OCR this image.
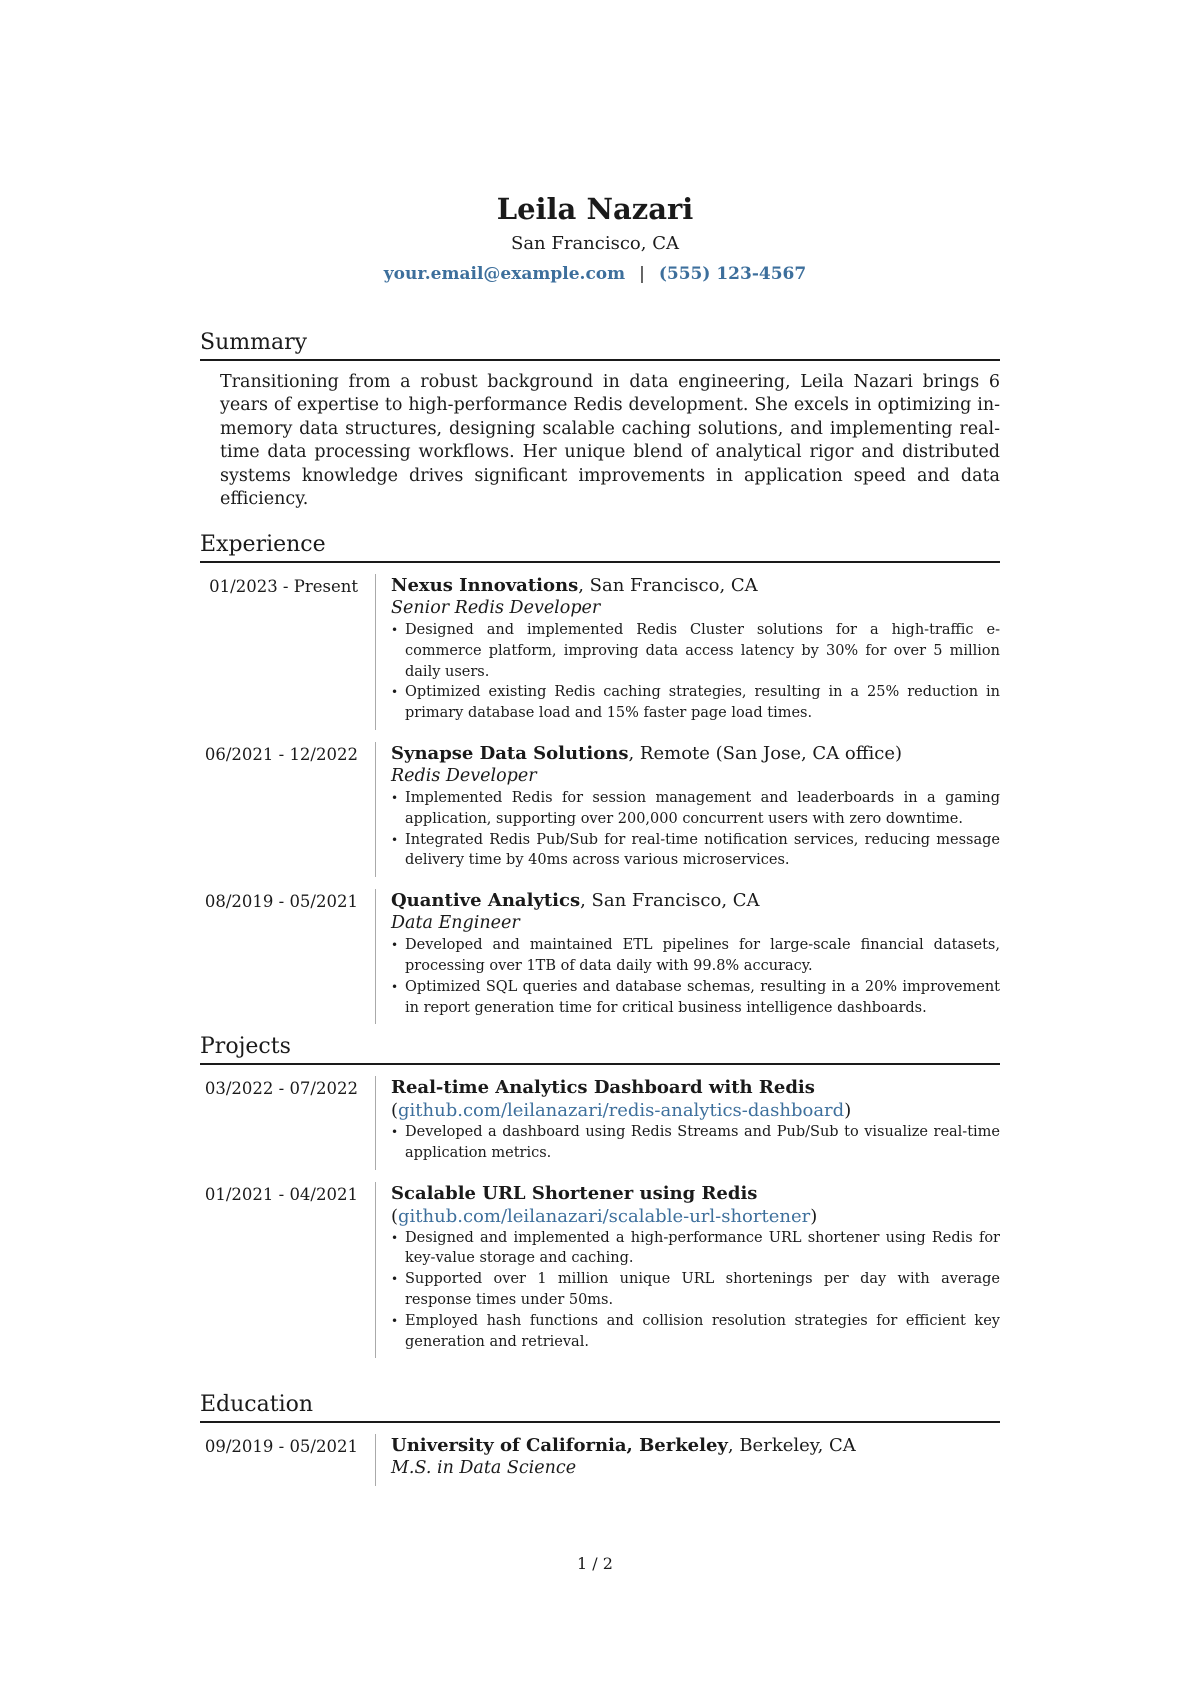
Leila Nazari
San Francisco, CA
your.email@example.com | (555) 123-4567
Summary

Transitioning from a robust background in data engineering, Leila Nazari brings 6 years of expertise to high-performance Redis development. She excels in optimizing in-memory data structures, designing scalable caching solutions, and implementing real-time data processing workflows. Her unique blend of analytical rigor and distributed systems knowledge drives significant improvements in application speed and data efficiency.

Experience
01/2023 - Present	Nexus Innovations, San Francisco, CA
Senior Redis Developer
• Designed and implemented Redis Cluster solutions for a high-traffic e-commerce platform, improving data access latency by 30% for over 5 million daily users.
• Optimized existing Redis caching strategies, resulting in a 25% reduction in primary database load and 15% faster page load times.
06/2021 - 12/2022	Synapse Data Solutions, Remote (San Jose, CA office)
Redis Developer
• Implemented Redis for session management and leaderboards in a gaming application, supporting over 200,000 concurrent users with zero downtime.
• Integrated Redis Pub/Sub for real-time notification services, reducing message delivery time by 40ms across various microservices.
08/2019 - 05/2021	Quantive Analytics, San Francisco, CA
Data Engineer
• Developed and maintained ETL pipelines for large-scale financial datasets, processing over 1TB of data daily with 99.8% accuracy.
• Optimized SQL queries and database schemas, resulting in a 20% improvement in report generation time for critical business intelligence dashboards.
Projects
03/2022 - 07/2022	Real-time Analytics Dashboard with Redis (github.com/leilanazari/redis-analytics-dashboard)
• Developed a dashboard using Redis Streams and Pub/Sub to visualize real-time application metrics.
01/2021 - 04/2021	Scalable URL Shortener using Redis (github.com/leilanazari/scalable-url-shortener)
• Designed and implemented a high-performance URL shortener using Redis for key-value storage and caching.
• Supported over 1 million unique URL shortenings per day with average response times under 50ms.
• Employed hash functions and collision resolution strategies for efficient key generation and retrieval.
Education
09/2019 - 05/2021	University of California, Berkeley, Berkeley, CA
M.S. in Data Science
1 / 2
